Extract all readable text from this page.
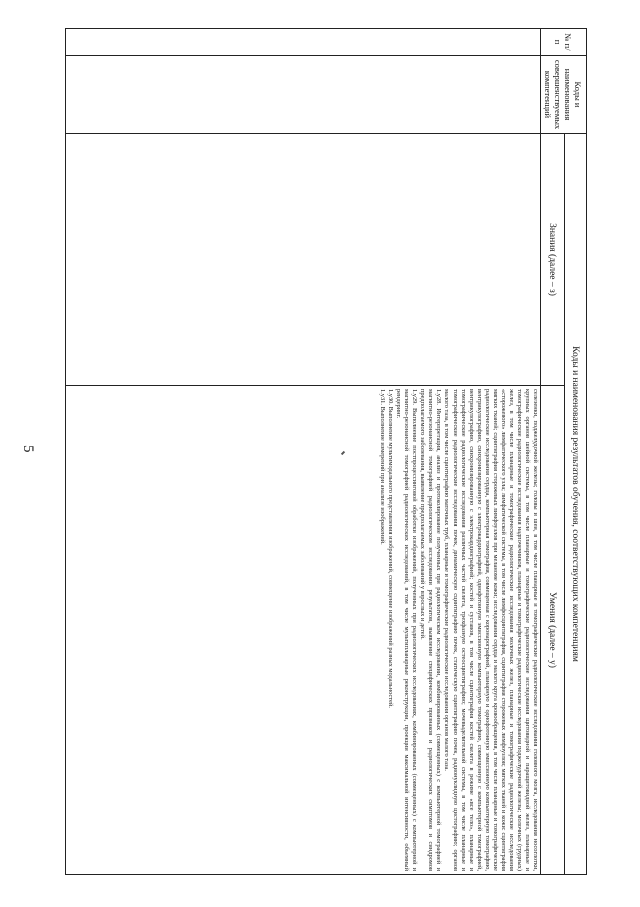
5
№ п/п	Коды и наименования совершенствуемых компетенций	Коды и наименования результатов обучения, соответствующих компетенциям	
		Знания (далее – з)	Умения (далее – у)

			селезенки, поджелудочной железы; головы и шеи, в том числе планарные и томографические радиологические исследования головного мозга, исследования носоглотки, крупных органов шейной системы, в том числе планарные и томографические радиологические исследования щитовидной и паращитовидной желез, планарные и томографические радиологические исследования надпочечников, планарные и томографические радиологические исследования поджелудочной железы; молочных (грудных) желез, в том числе планарные и томографические радиологические исследования молочных желез, планарные и томографические радиологические исследования «сторожевого» лимфатического узла; лимфатической системы, в том числе лимфосцинтиграфия, сцинтиграфия сторожевых лимфоузлов; мягких тканей и кожи: сцинтиграфия мягких тканей; сцинтиграфия сторожевых лимфоузлов при меланоме кожи; исследования сердца и малого круга кровообращения, в том числе планарные и томографические радиологические исследования сердца, компьютерная томография, совмещенная с коронарографией, планарную и однофотонную эмиссионную компьютерную томографию, вентрикулографию, синхронизированную с электрокардиографией, однофотонную эмиссионную компьютерную томографию, совмещенную с компьютерной томографией, вентрикулографию, синхронизированную с электрокардиографией; костей и суставов, в том числе сцинтиграфия костей скелета в режиме «все тело», планарные и томографические радиологические исследования различных частей скелета, трехфазную остеосцинтиграфию; мочевыделительной системы, в том числе планарные и томографические радиологические исследования почек, динамическую сцинтиграфию почек, статическую сцинтиграфию почек, радионуклидную цистографию; органов малого таза, в том числе сцинтиграфию маточных труб, планарные и томографические радиологические исследования органов малого таза.

1.у28. Интерпретация, анализ и протоколирование полученных при радиологическом исследовании, комбинированных (совмещенных) с компьютерной томографией и магнитно-резонансной томографией радиологическом исследовании результатов, выявление специфических признаков и радиологических симптомов и синдромов предполагаемого заболевания, выявление предполагаемых заболеваний у взрослых и детей.

1.у29. Выполнение постпроцессинговой обработки изображений, полученных при радиологических исследованиях, комбинированных (совмещенных) с компьютерной и магнитно-резонансной томографией радиологических исследований, в том числе мультипланарные реконструкции, проекции максимальной интенсивности, объемный рендеринг.

1.у30. Выполнение мультимодального представления изображений, совмещение изображений разных модальностей.

1.у31. Выполнение измерений при анализе изображений.
